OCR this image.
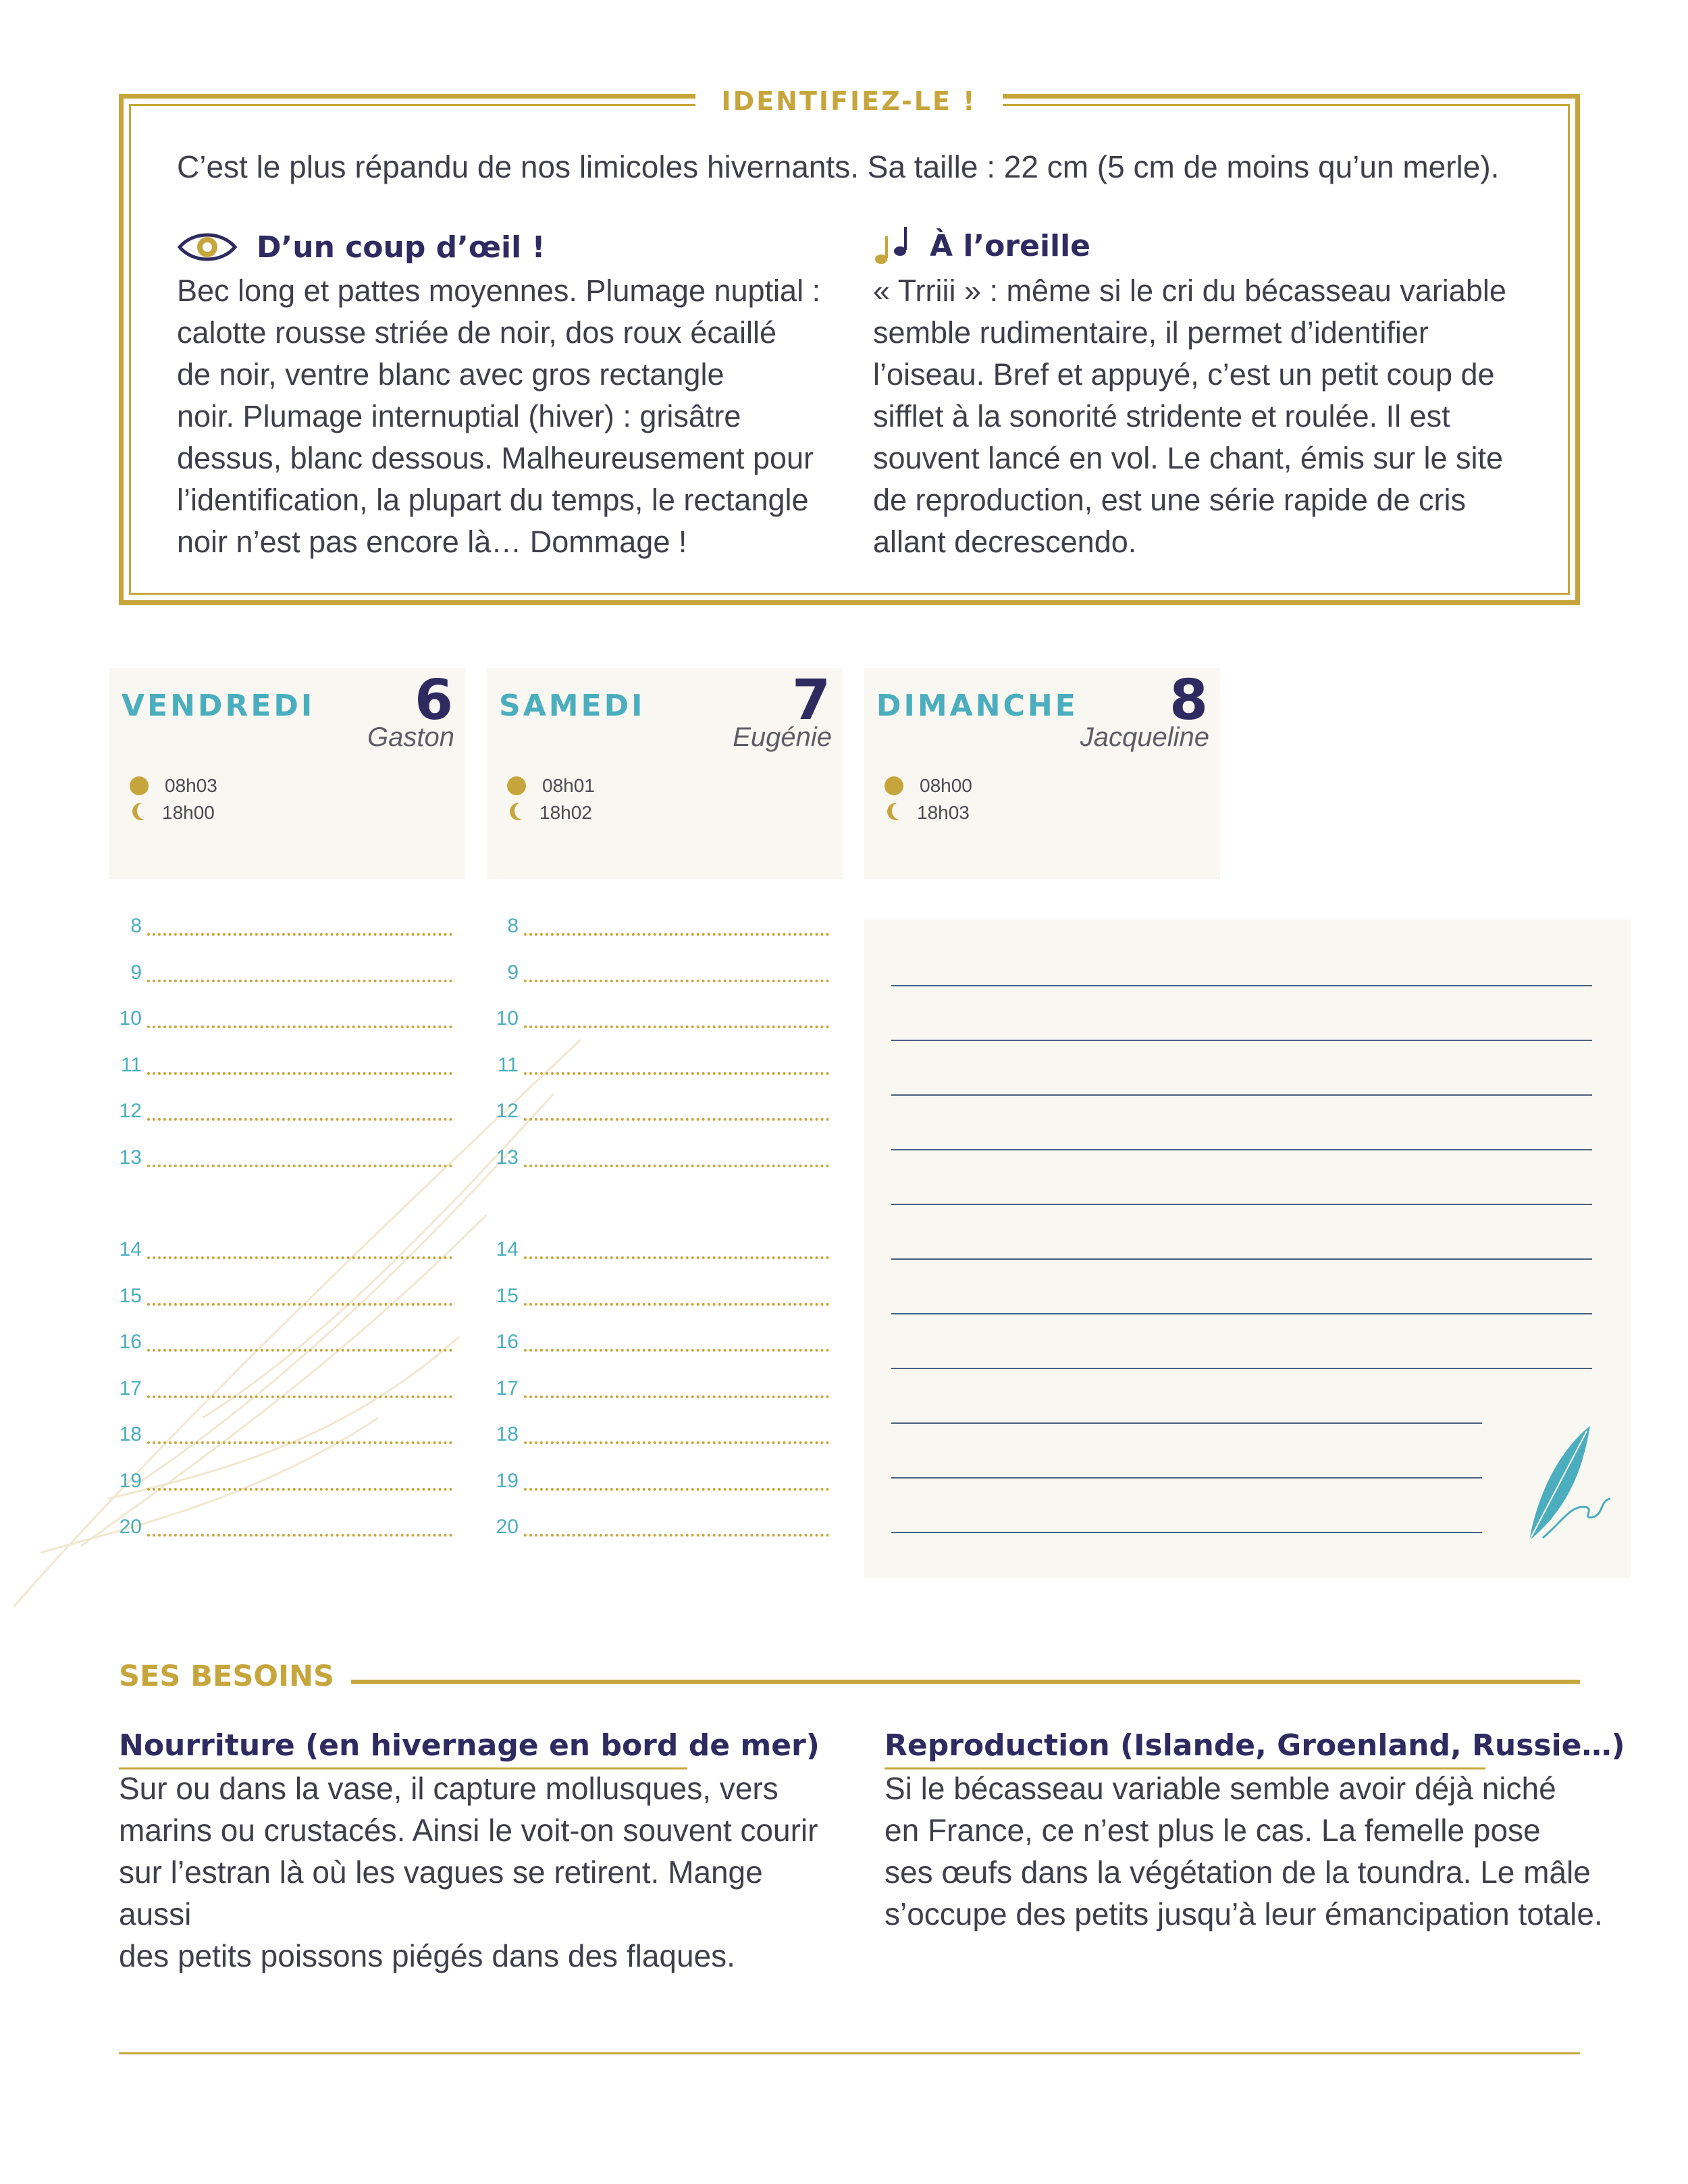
IDENTIFIEZ-LE !
C’est le plus répandu de nos limicoles hivernants. Sa taille : 22 cm (5 cm de moins qu’un merle).
D’un coup d’œil !
Bec long et pattes moyennes. Plumage nuptial :
calotte rousse striée de noir, dos roux écaillé
de noir, ventre blanc avec gros rectangle
noir. Plumage internuptial (hiver) : grisâtre
dessus, blanc dessous. Malheureusement pour
l’identification, la plupart du temps, le rectangle
noir n’est pas encore là… Dommage !
À l’oreille
« Trriii » : même si le cri du bécasseau variable
semble rudimentaire, il permet d’identifier
l’oiseau. Bref et appuyé, c’est un petit coup de
sifflet à la sonorité stridente et roulée. Il est
souvent lancé en vol. Le chant, émis sur le site
de reproduction, est une série rapide de cris
allant decrescendo.
VENDREDI 6
Gaston
08h03
18h00
SAMEDI	7
Eugénie
08h01
18h02
DIMANCHE 8
Jacqueline
08h00
18h03
8
9
10
11
12
13
14
15
16
17
18
19
20
8
9
10
11
12
13
14
15
16
17
18
19
20
SES BESOINS
Nourriture (en hivernage en bord de mer)
Sur ou dans la vase, il capture mollusques, vers
marins ou crustacés. Ainsi le voit-on souvent courir
sur l’estran là où les vagues se retirent. Mange aussi
des petits poissons piégés dans des flaques.
Reproduction (Islande, Groenland, Russie…)
Si le bécasseau variable semble avoir déjà niché
en France, ce n’est plus le cas. La femelle pose
ses œufs dans la végétation de la toundra. Le mâle
s’occupe des petits jusqu’à leur émancipation totale.
